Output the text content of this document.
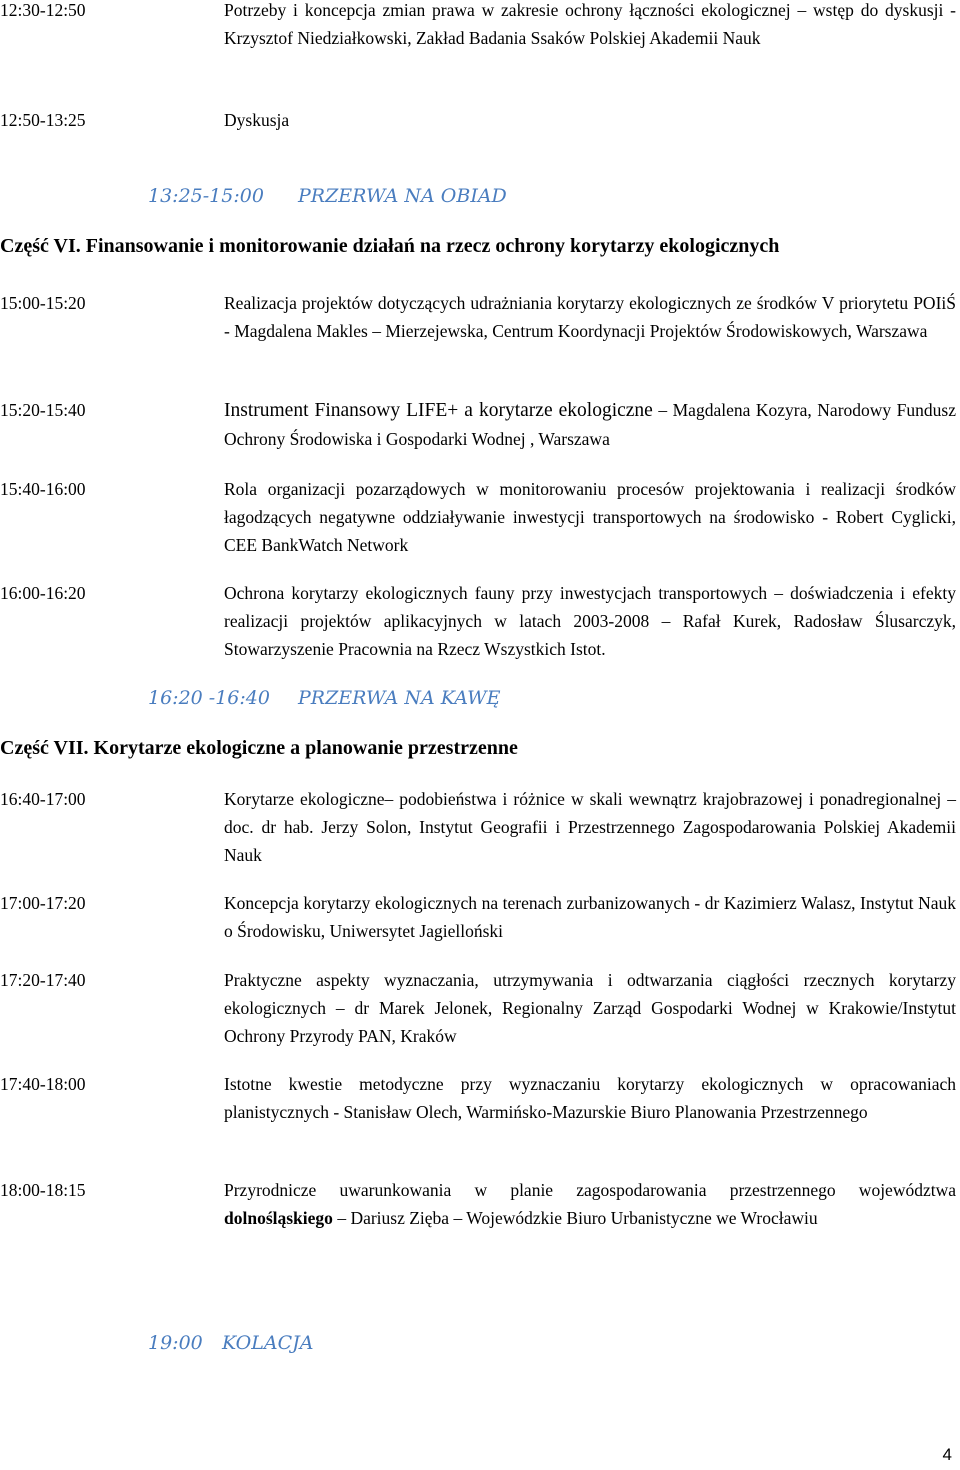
12:30-12:50	Potrzeby i koncepcja zmian prawa w zakresie ochrony łączności ekologicznej – wstęp do dyskusji - Krzysztof Niedziałkowski, Zakład Badania Ssaków Polskiej Akademii Nauk
12:50-13:25	Dyskusja
13:25-15:00 PRZERWA NA OBIAD
Część VI. Finansowanie i monitorowanie działań na rzecz ochrony korytarzy ekologicznych
15:00-15:20	Realizacja projektów dotyczących udrażniania korytarzy ekologicznych ze środków V priorytetu POIiŚ - Magdalena Makles – Mierzejewska, Centrum Koordynacji Projektów Środowiskowych, Warszawa
15:20-15:40	Instrument Finansowy LIFE+ a korytarze ekologiczne – Magdalena Kozyra, Narodowy Fundusz Ochrony Środowiska i Gospodarki Wodnej , Warszawa
15:40-16:00	Rola organizacji pozarządowych w monitorowaniu procesów projektowania i realizacji środków łagodzących negatywne oddziaływanie inwestycji transportowych na środowisko - Robert Cyglicki, CEE BankWatch Network
16:00-16:20	Ochrona korytarzy ekologicznych fauny przy inwestycjach transportowych – doświadczenia i efekty realizacji projektów aplikacyjnych w latach 2003-2008 – Rafał Kurek, Radosław Ślusarczyk, Stowarzyszenie Pracownia na Rzecz Wszystkich Istot.
16:20 -16:40 PRZERWA NA KAWĘ
Część VII. Korytarze ekologiczne a planowanie przestrzenne
16:40-17:00	Korytarze ekologiczne– podobieństwa i różnice w skali wewnątrz krajobrazowej i ponadregionalnej – doc. dr hab. Jerzy Solon, Instytut Geografii i Przestrzennego Zagospodarowania Polskiej Akademii Nauk
17:00-17:20	Koncepcja korytarzy ekologicznych na terenach zurbanizowanych - dr Kazimierz Walasz, Instytut Nauk o Środowisku, Uniwersytet Jagielloński
17:20-17:40	Praktyczne aspekty wyznaczania, utrzymywania i odtwarzania ciągłości rzecznych korytarzy ekologicznych – dr Marek Jelonek, Regionalny Zarząd Gospodarki Wodnej w Krakowie/Instytut Ochrony Przyrody PAN, Kraków
17:40-18:00	Istotne kwestie metodyczne przy wyznaczaniu korytarzy ekologicznych w opracowaniach planistycznych - Stanisław Olech, Warmińsko-Mazurskie Biuro Planowania Przestrzennego
18:00-18:15	Przyrodnicze uwarunkowania w planie zagospodarowania przestrzennego województwa dolnośląskiego – Dariusz Zięba – Wojewódzkie Biuro Urbanistyczne we Wrocławiu
19:00 KOLACJA
4
